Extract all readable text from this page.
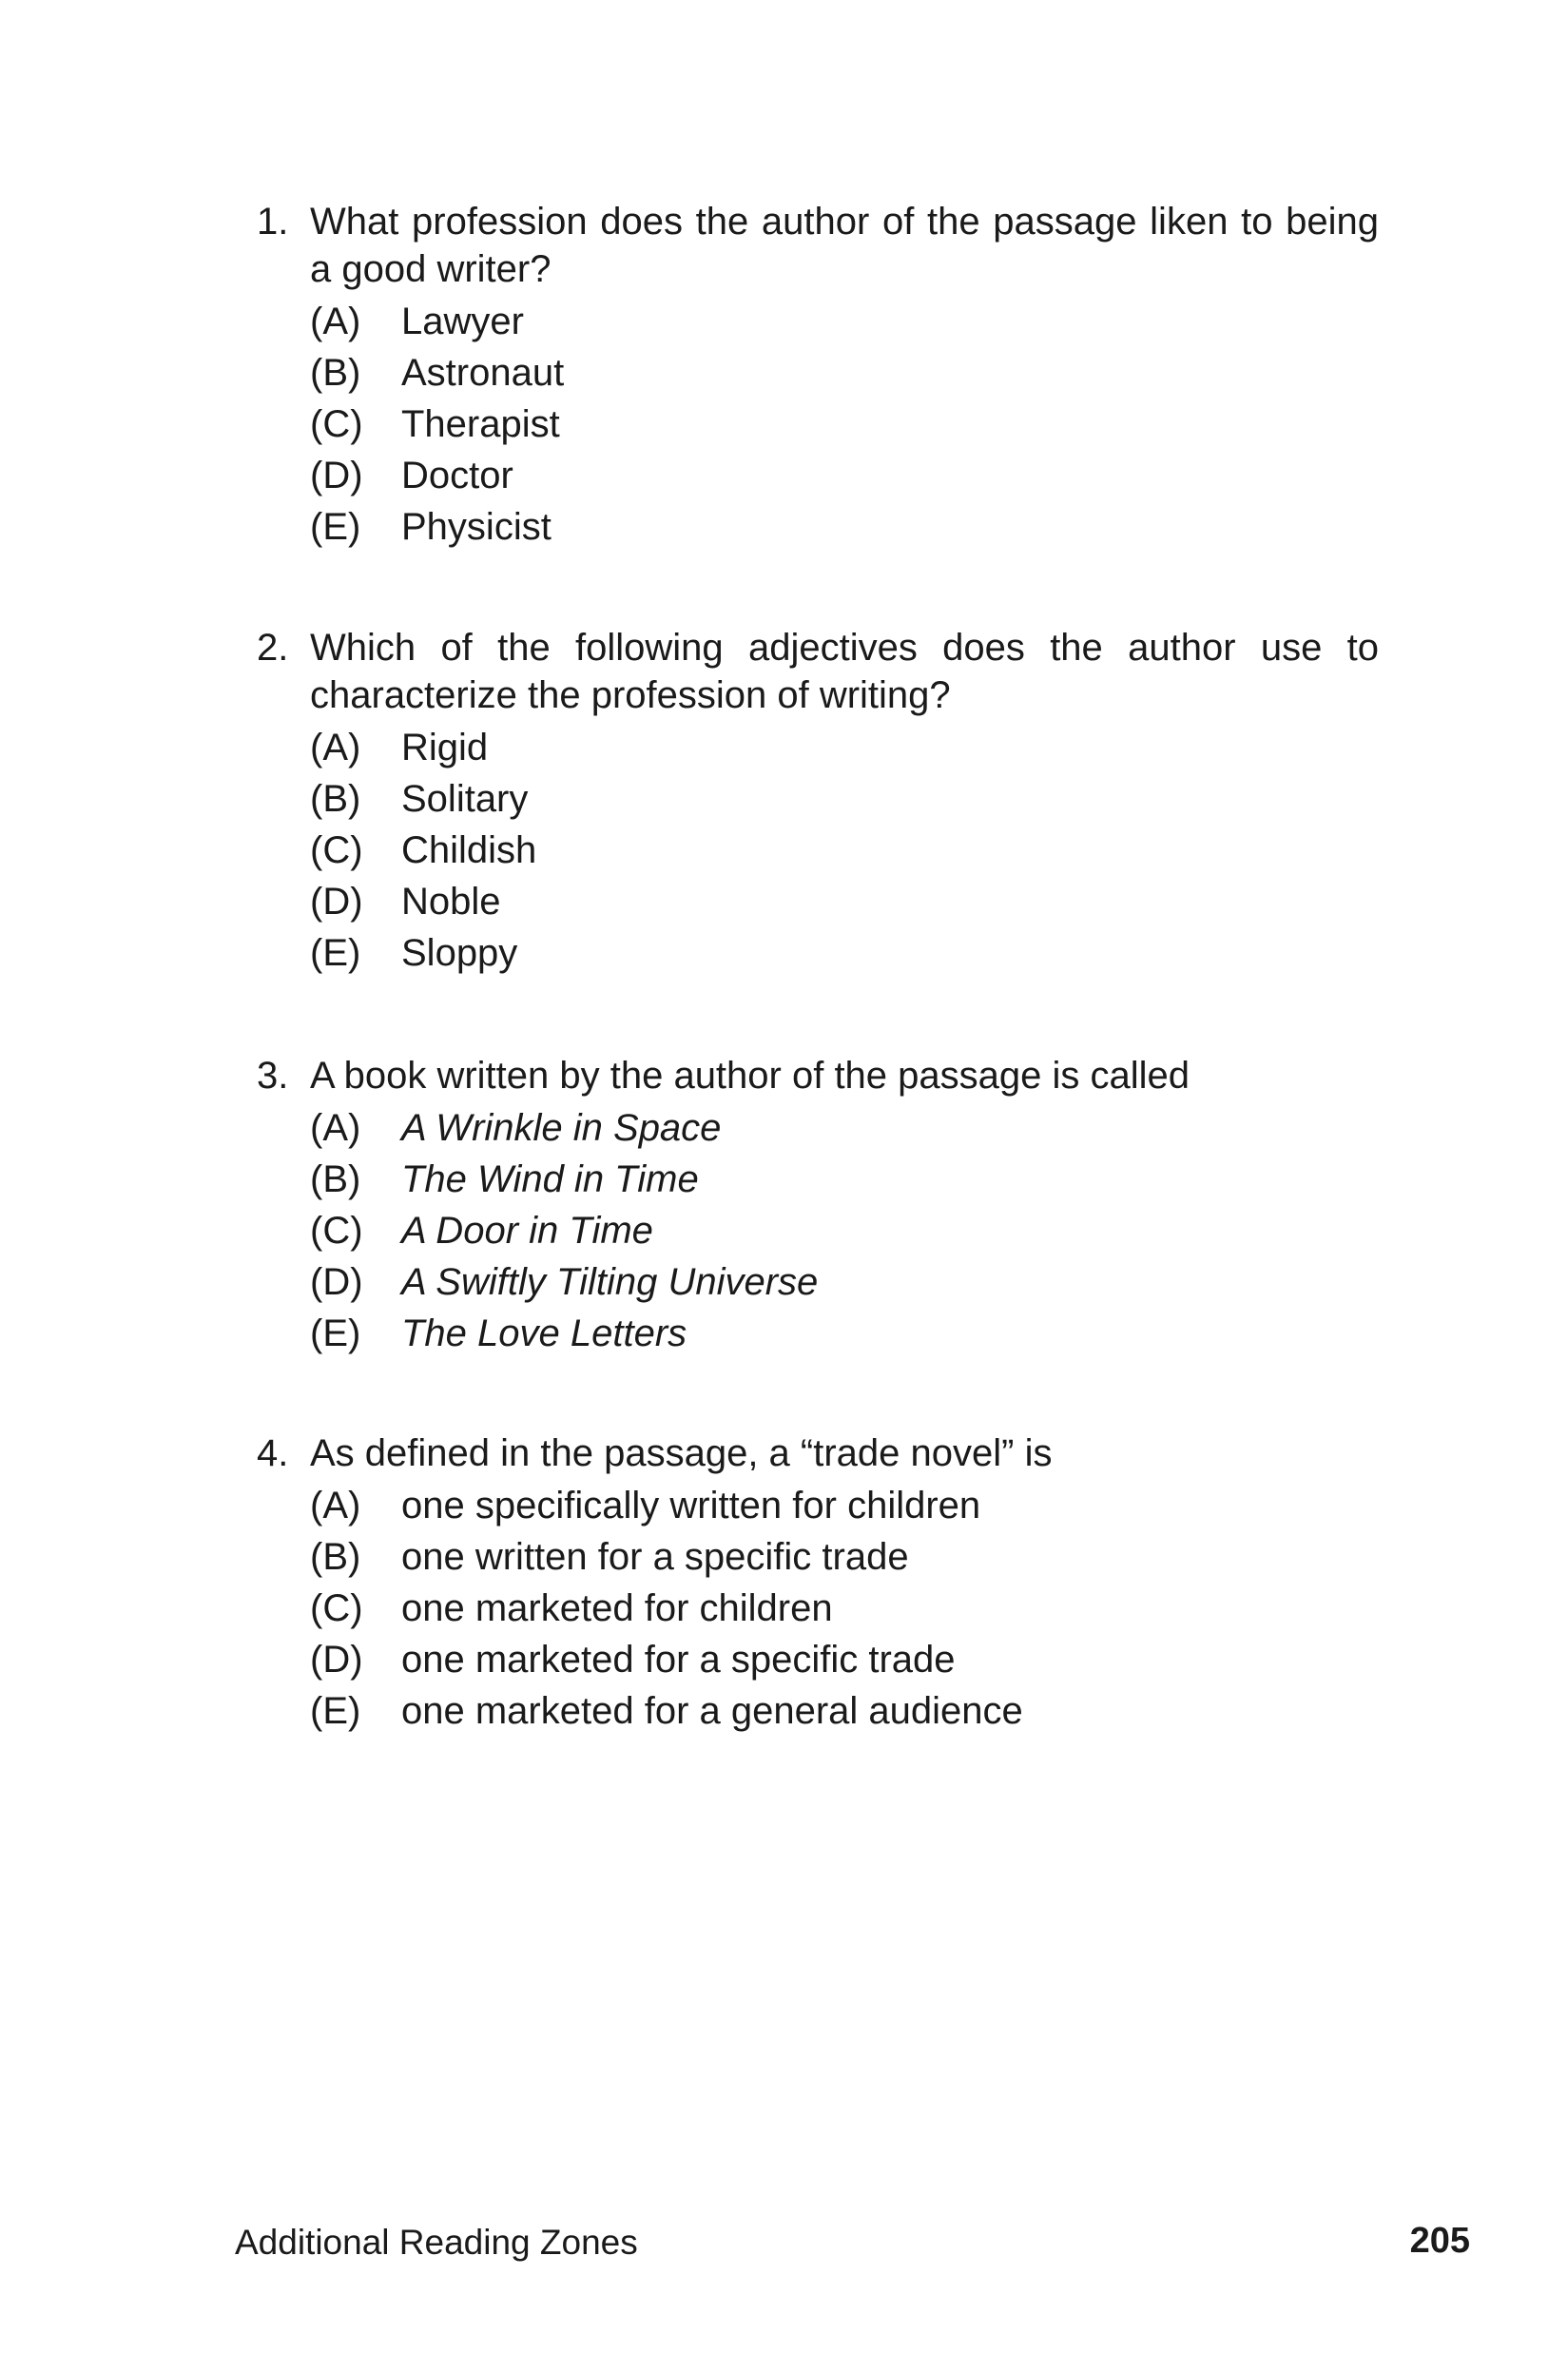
1. What profession does the author of the passage liken to being a good writer?
(A)	Lawyer
(B)	Astronaut
(C)	Therapist
(D)	Doctor
(E)	Physicist
2. Which of the following adjectives does the author use to characterize the profession of writing?
(A)	Rigid
(B)	Solitary
(C)	Childish
(D)	Noble
(E)	Sloppy
3. A book written by the author of the passage is called
(A)	A Wrinkle in Space
(B)	The Wind in Time
(C)	A Door in Time
(D)	A Swiftly Tilting Universe
(E)	The Love Letters
4. As defined in the passage, a “trade novel” is
(A)	one specifically written for children
(B)	one written for a specific trade
(C)	one marketed for children
(D)	one marketed for a specific trade
(E)	one marketed for a general audience
Additional Reading Zones	205
